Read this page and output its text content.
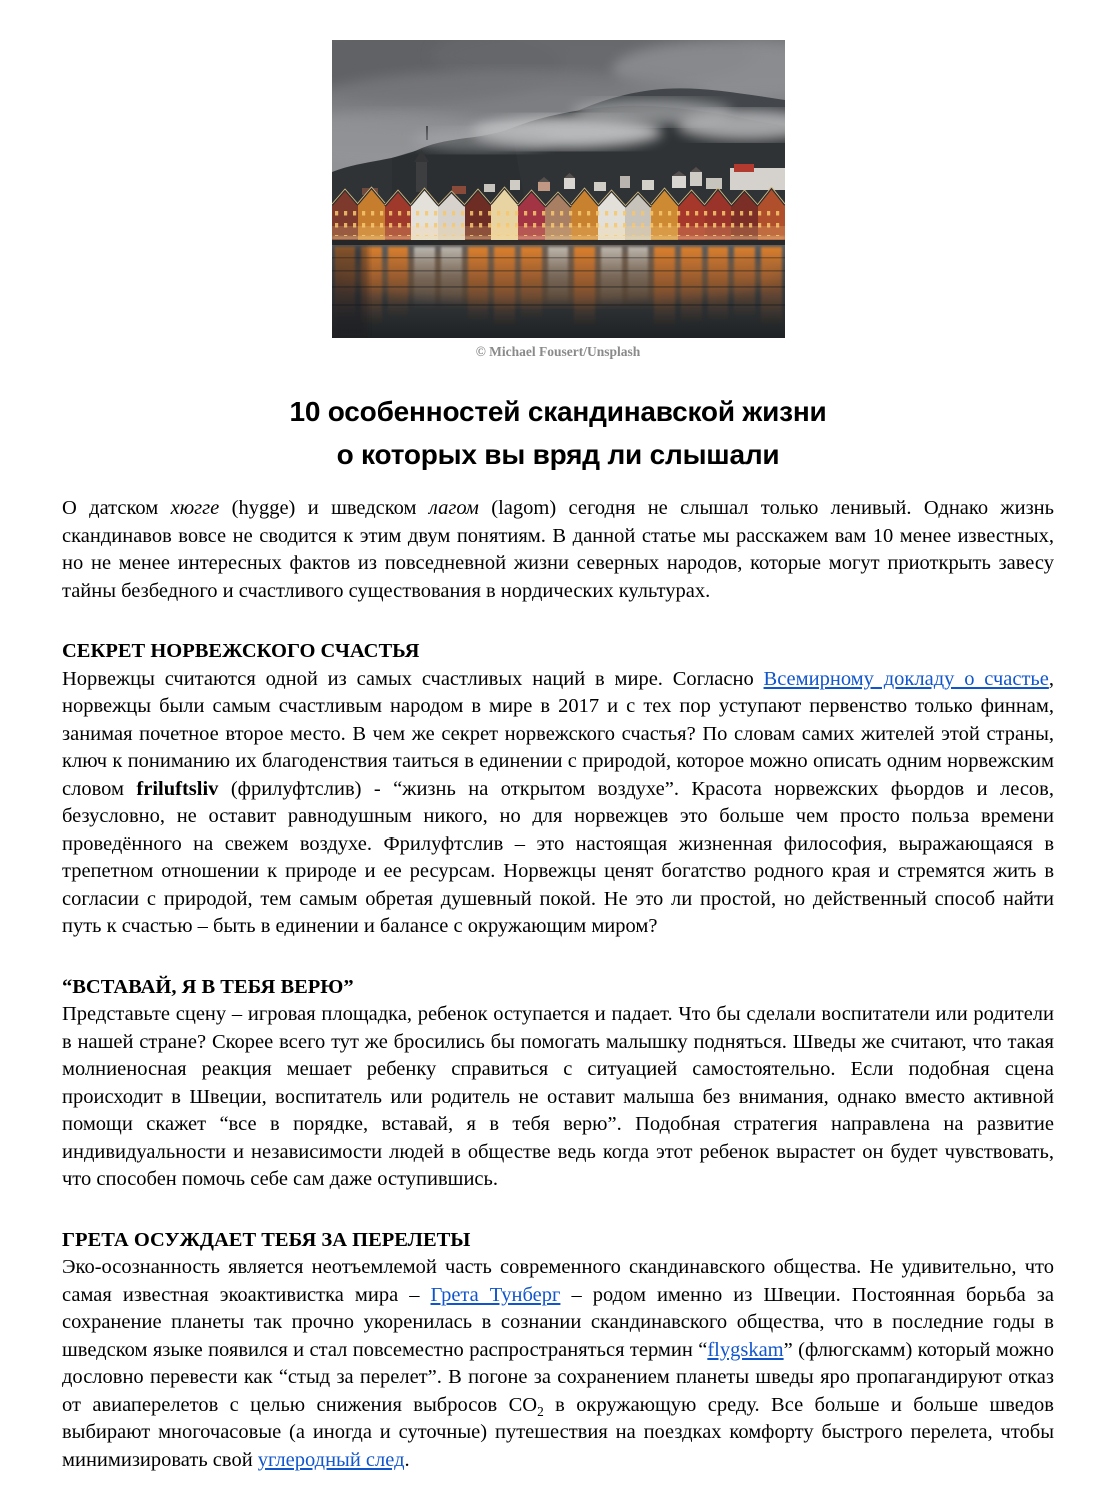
© Michael Fousert/Unsplash
10 особенностей скандинавской жизни
о которых вы вряд ли слышали

О датском хюгге (hygge) и шведском лагом (lagom) сегодня не слышал только ленивый. Однако жизнь скандинавов вовсе не сводится к этим двум понятиям. В данной статье мы расскажем вам 10 менее известных, но не менее интересных фактов из повседневной жизни северных народов, которые могут приоткрыть завесу тайны безбедного и счастливого существования в нордических культурах.

СЕКРЕТ НОРВЕЖСКОГО СЧАСТЬЯ

Норвежцы считаются одной из самых счастливых наций в мире. Согласно Всемирному докладу о счастье, норвежцы были самым счастливым народом в мире в 2017 и с тех пор уступают первенство только финнам, занимая почетное второе место. В чем же секрет норвежского счастья? По словам самих жителей этой страны, ключ к пониманию их благоденствия таиться в единении с природой, которое можно описать одним норвежским словом friluftsliv (фрилуфтслив) - “жизнь на открытом воздухе”. Красота норвежских фьордов и лесов, безусловно, не оставит равнодушным никого, но для норвежцев это больше чем просто польза времени проведённого на свежем воздухе. Фрилуфтслив – это настоящая жизненная философия, выражающаяся в трепетном отношении к природе и ее ресурсам. Норвежцы ценят богатство родного края и стремятся жить в согласии с природой, тем самым обретая душевный покой. Не это ли простой, но действенный способ найти путь к счастью – быть в единении и балансе с окружающим миром?

“ВСТАВАЙ, Я В ТЕБЯ ВЕРЮ”

Представьте сцену – игровая площадка, ребенок оступается и падает. Что бы сделали воспитатели или родители в нашей стране? Скорее всего тут же бросились бы помогать малышку подняться. Шведы же считают, что такая молниеносная реакция мешает ребенку справиться с ситуацией самостоятельно. Если подобная сцена происходит в Швеции, воспитатель или родитель не оставит малыша без внимания, однако вместо активной помощи скажет “все в порядке, вставай, я в тебя верю”. Подобная стратегия направлена на развитие индивидуальности и независимости людей в обществе ведь когда этот ребенок вырастет он будет чувствовать, что способен помочь себе сам даже оступившись.

ГРЕТА ОСУЖДАЕТ ТЕБЯ ЗА ПЕРЕЛЕТЫ

Эко-осознанность является неотъемлемой часть современного скандинавского общества. Не удивительно, что самая известная экоактивистка мира – Грета Тунберг – родом именно из Швеции. Постоянная борьба за сохранение планеты так прочно укоренилась в сознании скандинавского общества, что в последние годы в шведском языке появился и стал повсеместно распространяться термин “flygskam” (флюгскамм) который можно дословно перевести как “стыд за перелет”. В погоне за сохранением планеты шведы яро пропагандируют отказ от авиаперелетов с целью снижения выбросов $CO_2$ в окружающую среду. Все больше и больше шведов выбирают многочасовые (а иногда и суточные) путешествия на поездках комфорту быстрого перелета, чтобы минимизировать свой углеродный след.
